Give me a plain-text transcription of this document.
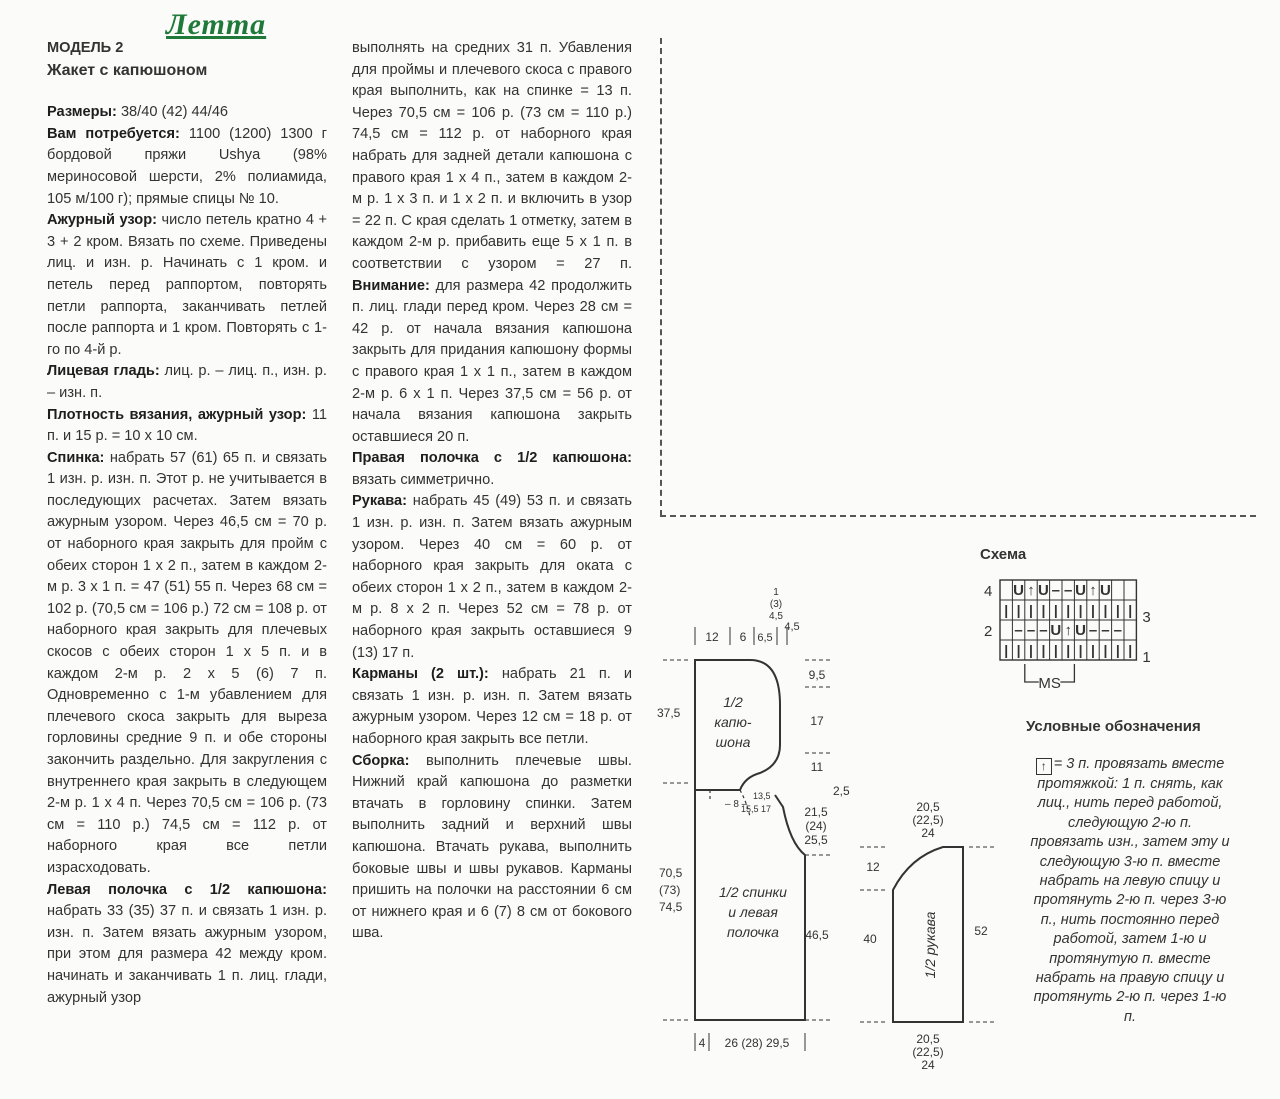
Летта

МОДЕЛЬ 2

Жакет с капюшоном

Размеры: 38/40 (42) 44/46

Вам потребуется: 1100 (1200) 1300 г бордовой пряжи Ushya (98% мериносовой шерсти, 2% полиамида, 105 м/100 г); прямые спицы № 10.

Ажурный узор: число петель кратно 4 + 3 + 2 кром. Вязать по схеме. Приведены лиц. и изн. р. Начинать с 1 кром. и петель перед раппортом, повторять петли раппорта, заканчивать петлей после раппорта и 1 кром. Повторять с 1-го по 4-й р.

Лицевая гладь: лиц. р. – лиц. п., изн. р. – изн. п.

Плотность вязания, ажурный узор: 11 п. и 15 р. = 10 х 10 см.

Спинка: набрать 57 (61) 65 п. и связать 1 изн. р. изн. п. Этот р. не учитывается в последующих расчетах. Затем вязать ажурным узором. Через 46,5 см = 70 р. от наборного края закрыть для пройм с обеих сторон 1 х 2 п., затем в каждом 2-м р. 3 х 1 п. = 47 (51) 55 п. Через 68 см = 102 р. (70,5 см = 106 р.) 72 см = 108 р. от наборного края закрыть для плечевых скосов с обеих сторон 1 х 5 п. и в каждом 2-м р. 2 х 5 (6) 7 п. Одновременно с 1-м убавлением для плечевого скоса закрыть для выреза горловины средние 9 п. и обе стороны закончить раздельно. Для закругления с внутреннего края закрыть в следующем 2-м р. 1 х 4 п. Через 70,5 см = 106 р. (73 см = 110 р.) 74,5 см = 112 р. от наборного края все петли израсходовать.

Левая полочка с 1/2 капюшона: набрать 33 (35) 37 п. и связать 1 изн. р. изн. п. Затем вязать ажурным узором, при этом для размера 42 между кром. начинать и заканчивать 1 п. лиц. глади, ажурный узор

выполнять на средних 31 п. Убавления для проймы и плечевого скоса с правого края выполнить, как на спинке = 13 п. Через 70,5 см = 106 р. (73 см = 110 р.) 74,5 см = 112 р. от наборного края набрать для задней детали капюшона с правого края 1 х 4 п., затем в каждом 2-м р. 1 х 3 п. и 1 х 2 п. и включить в узор = 22 п. С края сделать 1 отметку, затем в каждом 2-м р. прибавить еще 5 х 1 п. в соответствии с узором = 27 п. Внимание: для размера 42 продолжить п. лиц. глади перед кром. Через 28 см = 42 р. от начала вязания капюшона закрыть для придания капюшону формы с правого края 1 х 1 п., затем в каждом 2-м р. 6 х 1 п. Через 37,5 см = 56 р. от начала вязания капюшона закрыть оставшиеся 20 п.

Правая полочка с 1/2 капюшона: вязать симметрично.

Рукава: набрать 45 (49) 53 п. и связать 1 изн. р. изн. п. Затем вязать ажурным узором. Через 40 см = 60 р. от наборного края закрыть для оката с обеих сторон 1 х 2 п., затем в каждом 2-м р. 8 х 2 п. Через 52 см = 78 р. от наборного края закрыть оставшиеся 9 (13) 17 п.

Карманы (2 шт.): набрать 21 п. и связать 1 изн. р. изн. п. Затем вязать ажурным узором. Через 12 см = 18 р. от наборного края закрыть все петли.

Сборка: выполнить плечевые швы. Нижний край капюшона до разметки втачать в горловину спинки. Затем выполнить задний и верхний швы капюшона. Втачать рукава, выполнить боковые швы и швы рукавов. Карманы пришить на полочки на расстоянии 6 см от нижнего края и 6 (7) 8 см от бокового шва.

Схема
U ↑ U – – U ↑ U
| | | | | | | | | | |
– – – U ↑ U – – –
| | | | | | | | | | |
4
3
2
1
MS
Условные обозначения
↑ = 3 п. провязать вместе протяжкой: 1 п. снять, как лиц., нить перед работой, следующую 2-ю п. провязать изн., затем эту и следующую 3-ю п. вместе набрать на левую спицу и протянуть 2-ю п. через 3-ю п., нить постоянно перед работой, затем 1-ю и протянутую п. вместе набрать на правую спицу и протянуть 2-ю п. через 1-ю п.
1/2
капю-
шона
1/2 спинки
и левая
полочка
12 6 6,5
1
(3)
4,5
4,5
37,5
70,5
(73)
74,5
9,5
17
11
2,5
21,5
(24)
25,5
46,5
– 8 –
13,5
15,5 17
4 26 (28) 29,5
20,5
(22,5)
24
12
40
52
1/2 рукава
20,5
(22,5)
24
